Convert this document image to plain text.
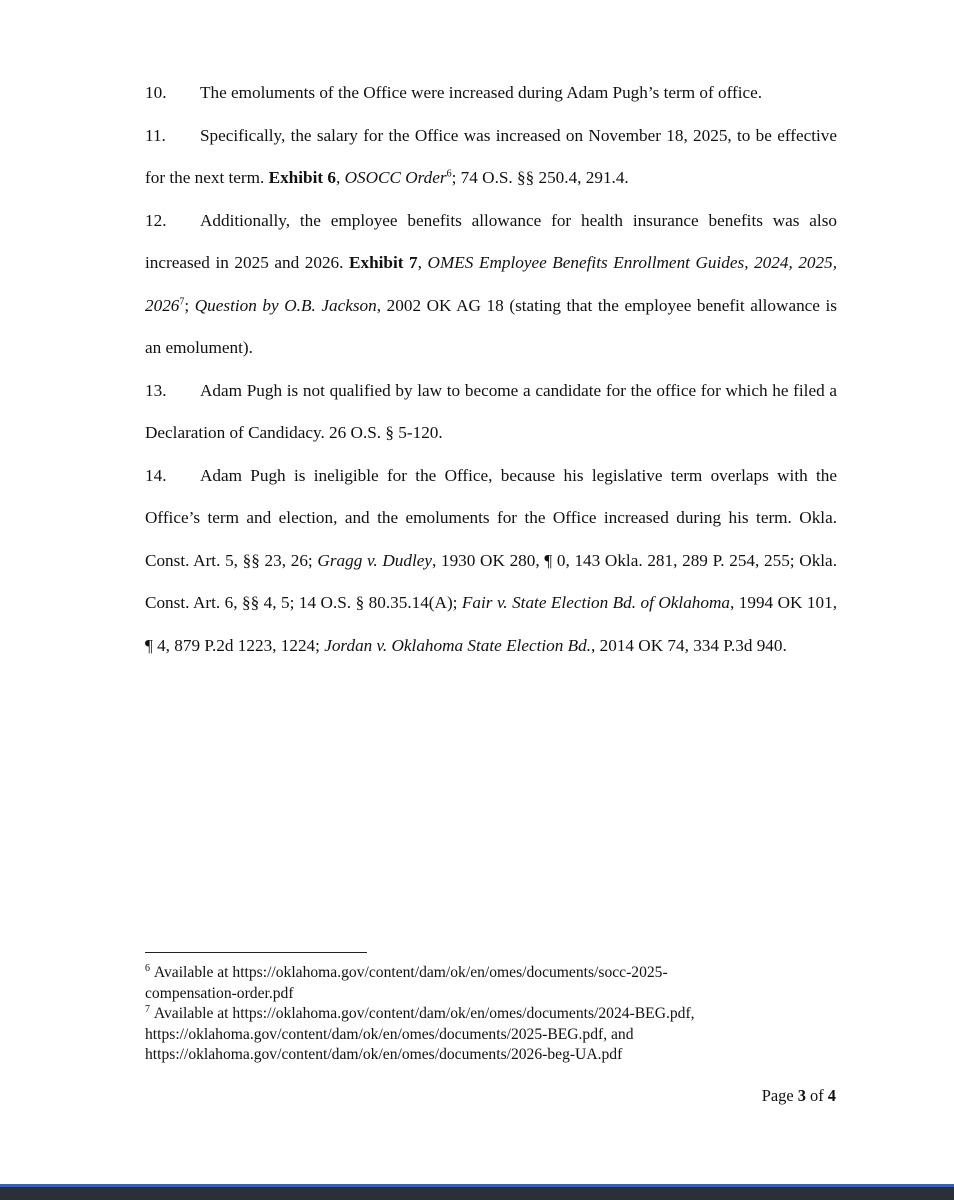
10. The emoluments of the Office were increased during Adam Pugh’s term of office.

11. Specifically, the salary for the Office was increased on November 18, 2025, to be effective for the next term. Exhibit 6, OSOCC Order$^6$; 74 O.S. §§ 250.4, 291.4.

12. Additionally, the employee benefits allowance for health insurance benefits was also increased in 2025 and 2026. Exhibit 7, OMES Employee Benefits Enrollment Guides, 2024, 2025, 2026$^7$; Question by O.B. Jackson, 2002 OK AG 18 (stating that the employee benefit allowance is an emolument).

13. Adam Pugh is not qualified by law to become a candidate for the office for which he filed a Declaration of Candidacy. 26 O.S. § 5-120.

14. Adam Pugh is ineligible for the Office, because his legislative term overlaps with the Office’s term and election, and the emoluments for the Office increased during his term. Okla. Const. Art. 5, §§ 23, 26; Gragg v. Dudley, 1930 OK 280, ¶ 0, 143 Okla. 281, 289 P. 254, 255; Okla. Const. Art. 6, §§ 4, 5; 14 O.S. § 80.35.14(A); Fair v. State Election Bd. of Oklahoma, 1994 OK 101, ¶ 4, 879 P.2d 1223, 1224; Jordan v. Oklahoma State Election Bd., 2014 OK 74, 334 P.3d 940.

$^6$ Available at https://oklahoma.gov/content/dam/ok/en/omes/documents/socc-2025-
compensation-order.pdf

$^7$ Available at https://oklahoma.gov/content/dam/ok/en/omes/documents/2024-BEG.pdf,
https://oklahoma.gov/content/dam/ok/en/omes/documents/2025-BEG.pdf, and
https://oklahoma.gov/content/dam/ok/en/omes/documents/2026-beg-UA.pdf

Page 3 of 4
